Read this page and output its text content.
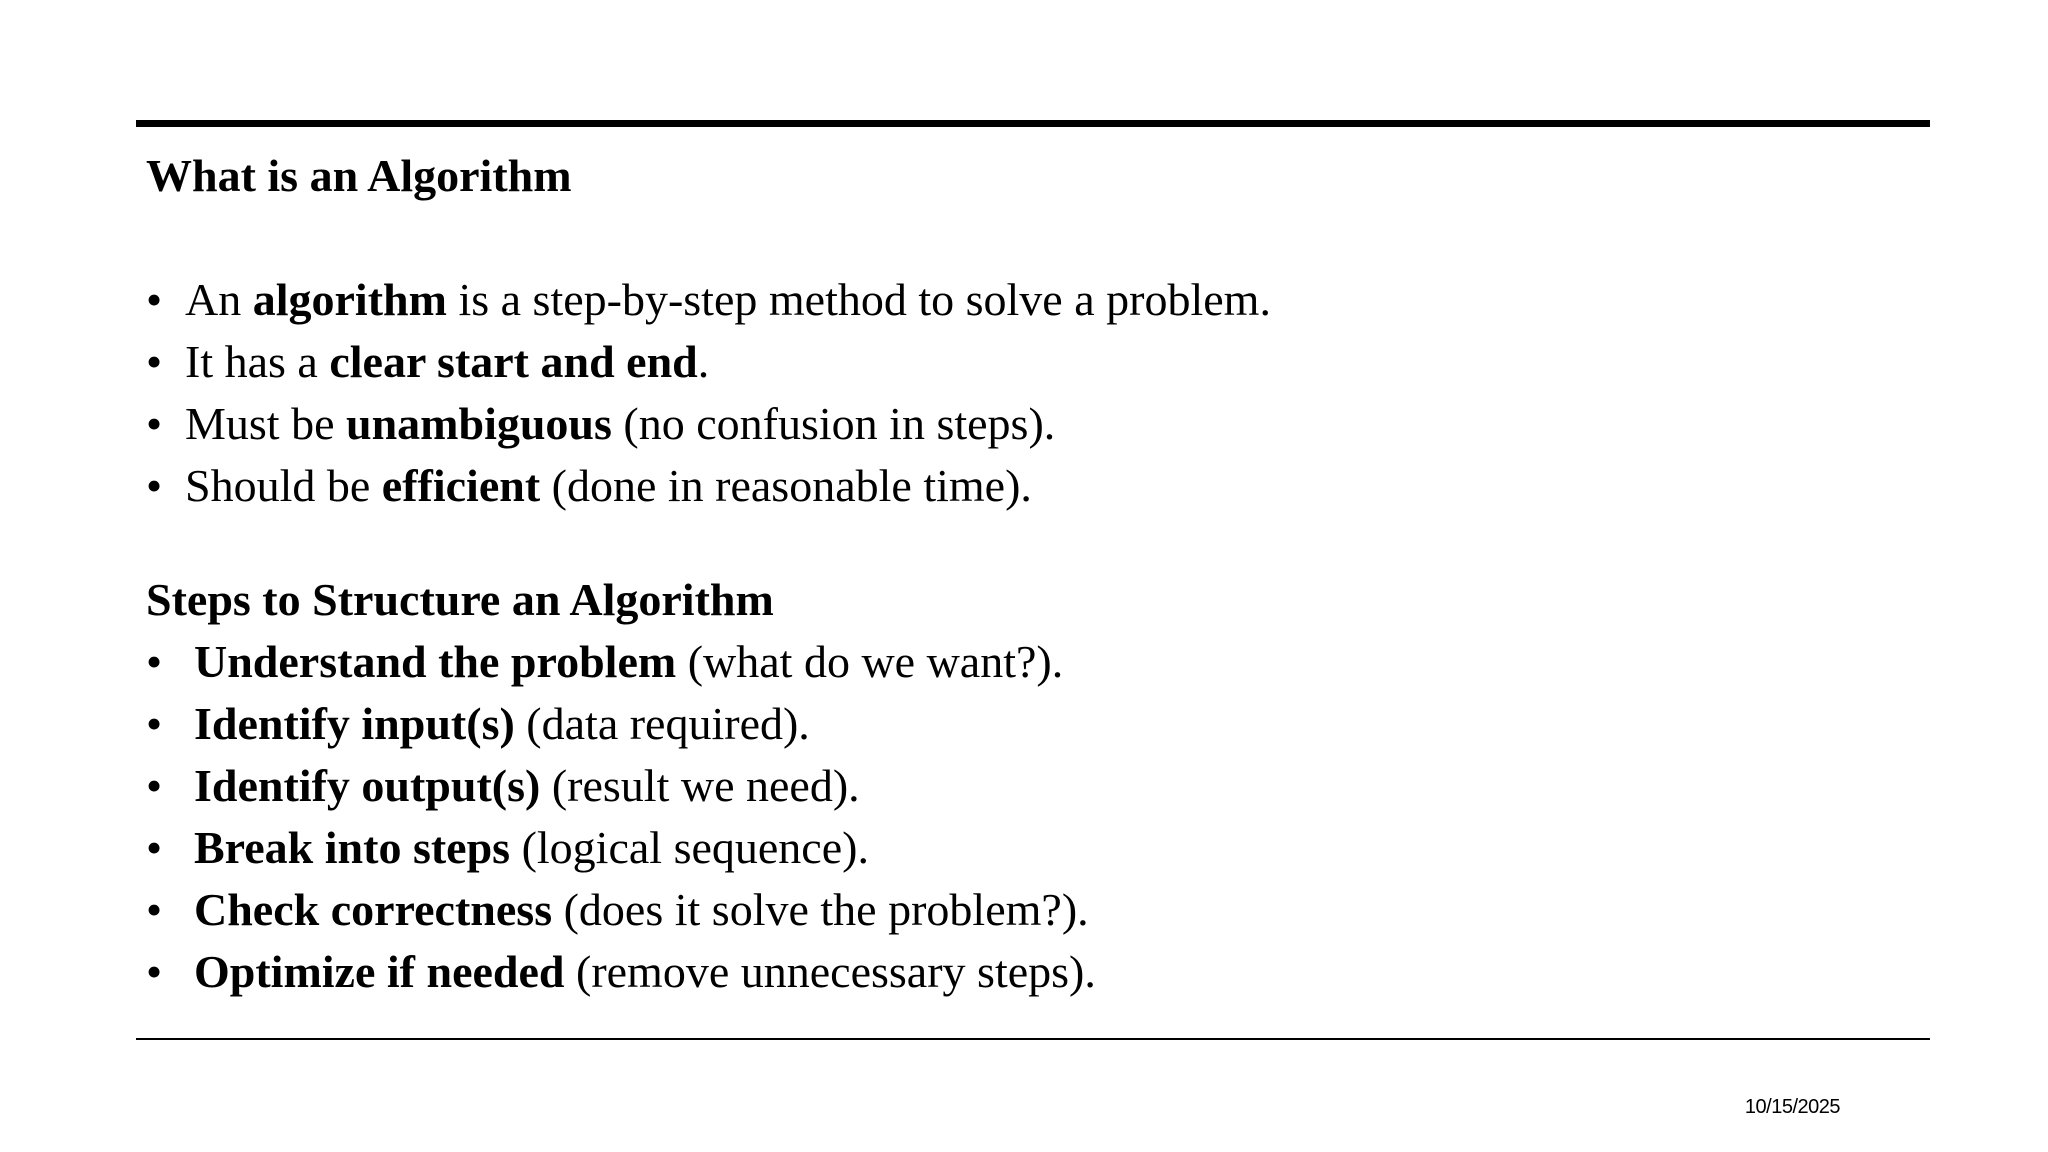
What is an Algorithm
• An algorithm is a step-by-step method to solve a problem.
• It has a clear start and end.
• Must be unambiguous (no confusion in steps).
• Should be efficient (done in reasonable time).
Steps to Structure an Algorithm
• Understand the problem (what do we want?).
• Identify input(s) (data required).
• Identify output(s) (result we need).
• Break into steps (logical sequence).
• Check correctness (does it solve the problem?).
• Optimize if needed (remove unnecessary steps).
10/15/2025
